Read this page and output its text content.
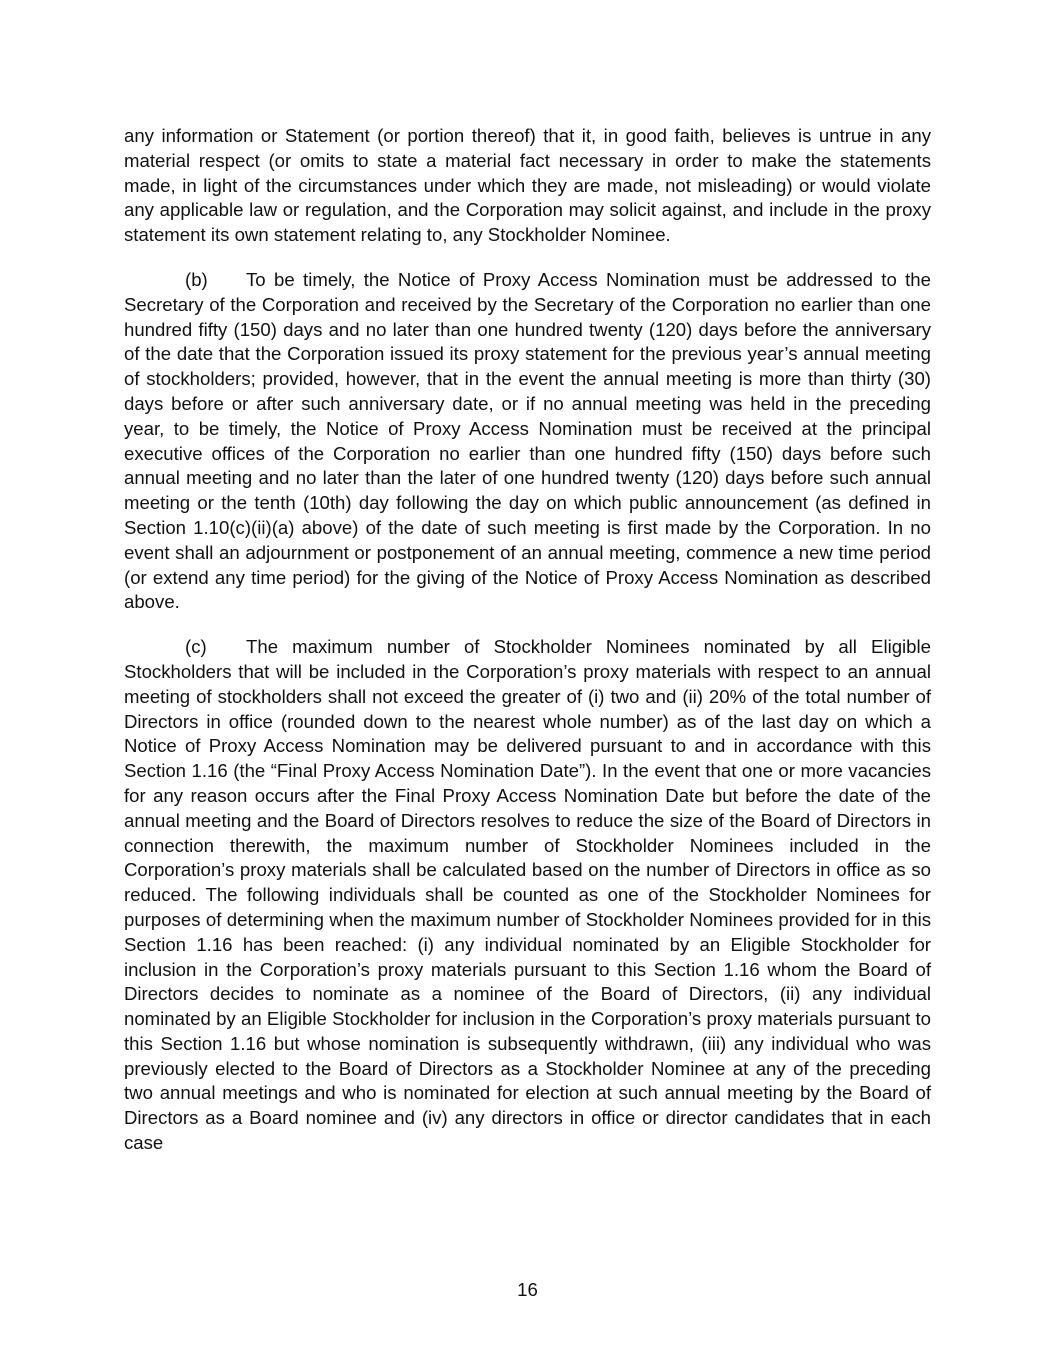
any information or Statement (or portion thereof) that it, in good faith, believes is untrue in any material respect (or omits to state a material fact necessary in order to make the statements made, in light of the circumstances under which they are made, not misleading) or would violate any applicable law or regulation, and the Corporation may solicit against, and include in the proxy statement its own statement relating to, any Stockholder Nominee.

(b) To be timely, the Notice of Proxy Access Nomination must be addressed to the Secretary of the Corporation and received by the Secretary of the Corporation no earlier than one hundred fifty (150) days and no later than one hundred twenty (120) days before the anniversary of the date that the Corporation issued its proxy statement for the previous year’s annual meeting of stockholders; provided, however, that in the event the annual meeting is more than thirty (30) days before or after such anniversary date, or if no annual meeting was held in the preceding year, to be timely, the Notice of Proxy Access Nomination must be received at the principal executive offices of the Corporation no earlier than one hundred fifty (150) days before such annual meeting and no later than the later of one hundred twenty (120) days before such annual meeting or the tenth (10th) day following the day on which public announcement (as defined in Section 1.10(c)(ii)(a) above) of the date of such meeting is first made by the Corporation. In no event shall an adjournment or postponement of an annual meeting, commence a new time period (or extend any time period) for the giving of the Notice of Proxy Access Nomination as described above.

(c) The maximum number of Stockholder Nominees nominated by all Eligible Stockholders that will be included in the Corporation’s proxy materials with respect to an annual meeting of stockholders shall not exceed the greater of (i) two and (ii) 20% of the total number of Directors in office (rounded down to the nearest whole number) as of the last day on which a Notice of Proxy Access Nomination may be delivered pursuant to and in accordance with this Section 1.16 (the “Final Proxy Access Nomination Date”). In the event that one or more vacancies for any reason occurs after the Final Proxy Access Nomination Date but before the date of the annual meeting and the Board of Directors resolves to reduce the size of the Board of Directors in connection therewith, the maximum number of Stockholder Nominees included in the Corporation’s proxy materials shall be calculated based on the number of Directors in office as so reduced. The following individuals shall be counted as one of the Stockholder Nominees for purposes of determining when the maximum number of Stockholder Nominees provided for in this Section 1.16 has been reached: (i) any individual nominated by an Eligible Stockholder for inclusion in the Corporation’s proxy materials pursuant to this Section 1.16 whom the Board of Directors decides to nominate as a nominee of the Board of Directors, (ii) any individual nominated by an Eligible Stockholder for inclusion in the Corporation’s proxy materials pursuant to this Section 1.16 but whose nomination is subsequently withdrawn, (iii) any individual who was previously elected to the Board of Directors as a Stockholder Nominee at any of the preceding two annual meetings and who is nominated for election at such annual meeting by the Board of Directors as a Board nominee and (iv) any directors in office or director candidates that in each case

16
